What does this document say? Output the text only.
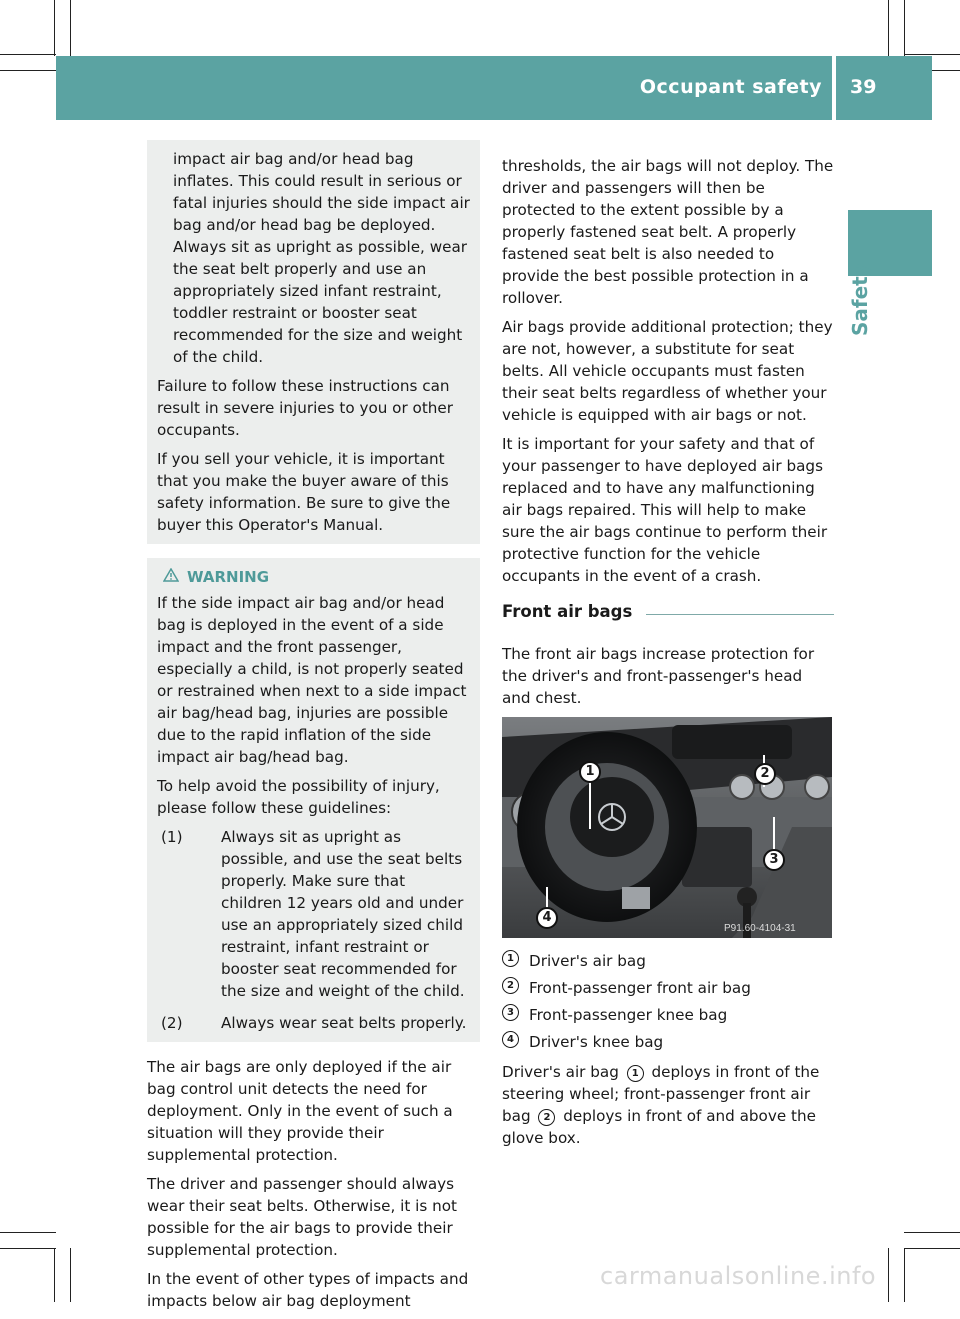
Occupant safety 39
Safety

impact air bag and/or head bag inflates. This could result in serious or fatal injuries should the side impact air bag and/or head bag be deployed. Always sit as upright as possible, wear the seat belt properly and use an appropriately sized infant restraint, toddler restraint or booster seat recommended for the size and weight of the child.

Failure to follow these instructions can result in severe injuries to you or other occupants.

If you sell your vehicle, it is important that you make the buyer aware of this safety information. Be sure to give the buyer this Operator's Manual.

WARNING

If the side impact air bag and/or head bag is deployed in the event of a side impact and the front passenger, especially a child, is not properly seated or restrained when next to a side impact air bag/head bag, injuries are possible due to the rapid inflation of the side impact air bag/head bag.

To help avoid the possibility of injury, please follow these guidelines:

(1)	Always sit as upright as possible, and use the seat belts properly. Make sure that children 12 years old and under use an appropriately sized child restraint, infant restraint or booster seat recommended for the size and weight of the child.
(2)	Always wear seat belts properly.

The air bags are only deployed if the air bag control unit detects the need for deployment. Only in the event of such a situation will they provide their supplemental protection.

The driver and passenger should always wear their seat belts. Otherwise, it is not possible for the air bags to provide their supplemental protection.

In the event of other types of impacts and impacts below air bag deployment

thresholds, the air bags will not deploy. The driver and passengers will then be protected to the extent possible by a properly fastened seat belt. A properly fastened seat belt is also needed to provide the best possible protection in a rollover.

Air bags provide additional protection; they are not, however, a substitute for seat belts. All vehicle occupants must fasten their seat belts regardless of whether your vehicle is equipped with air bags or not.

It is important for your safety and that of your passenger to have deployed air bags replaced and to have any malfunctioning air bags repaired. This will help to make sure the air bags continue to perform their protective function for the vehicle occupants in the event of a crash.

Front air bags

The front air bags increase protection for the driver's and front-passenger's head and chest.

P91.60-4104-31
1	2
3
4
1 Driver's air bag
2 Front-passenger front air bag
3 Front-passenger knee bag
4 Driver's knee bag

Driver's air bag 1 deploys in front of the steering wheel; front-passenger front air bag 2 deploys in front of and above the glove box.

carmanualsonline.info
